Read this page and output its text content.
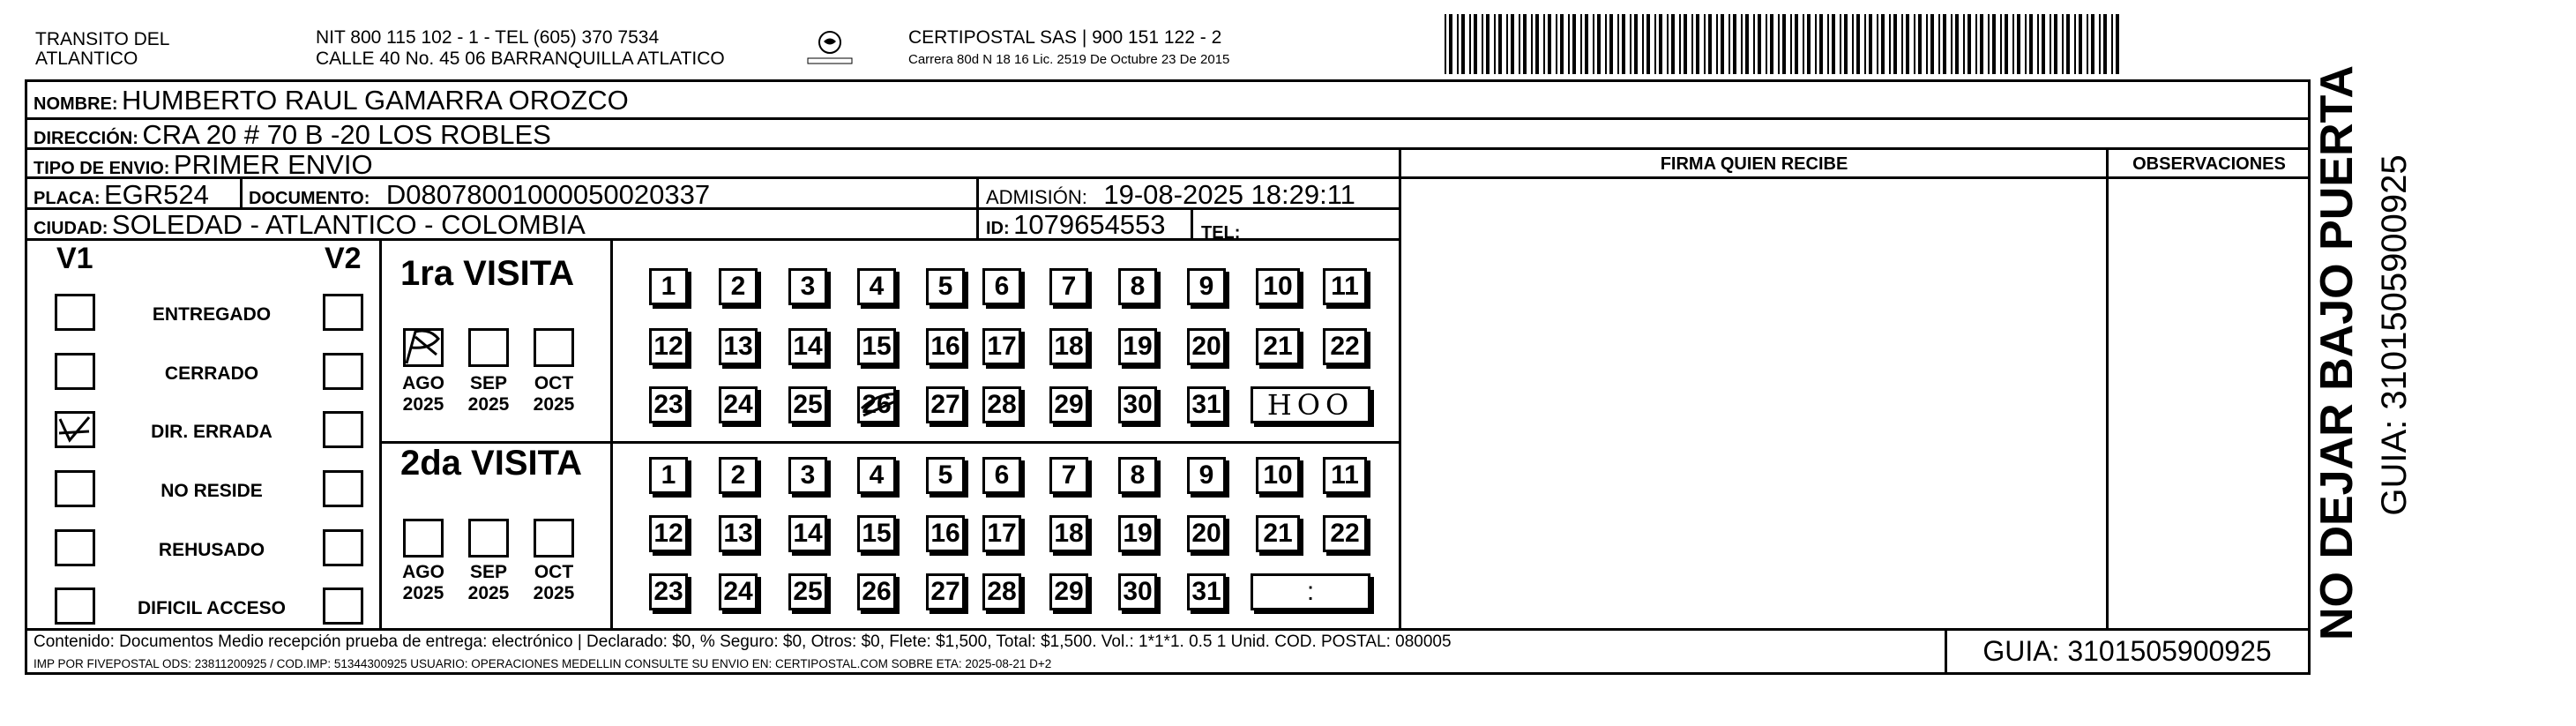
TRANSITO DEL
ATLANTICO
NIT 800 115 102 - 1 - TEL (605) 370 7534
CALLE 40 No. 45 06 BARRANQUILLA ATLATICO
CERTIPOSTAL SAS | 900 151 122 - 2
Carrera 80d N 18 16 Lic. 2519 De Octubre 23 De 2015
NOMBRE: HUMBERTO RAUL GAMARRA OROZCO
DIRECCIÓN: CRA 20 # 70 B -20 LOS ROBLES
TIPO DE ENVIO: PRIMER ENVIO	FIRMA QUIEN RECIBE	OBSERVACIONES
PLACA: EGR524 DOCUMENTO: D08078001000050020337	ADMISIÓN: 19-08-2025 18:29:11
CIUDAD: SOLEDAD - ATLANTICO - COLOMBIA	ID: 1079654553 TEL:
V1	V2
ENTREGADO
CERRADO
DIR. ERRADA
NO RESIDE
REHUSADO
DIFICIL ACCESO
1ra VISITA
AGO
2025
SEP
2025
OCT
2025
1	2	3	4	5	6	7	8	9	10	11
12 13 14 15 16 17 18 19 20 21 22
23 24 25 26 27 28 29 30 31	HOO
2da VISITA
AGO
2025
SEP
2025
OCT
2025
1	2	3	4	5	6	7	8	9	10	11
12 13 14 15 16 17 18 19 20 21 22
23 24 25 26 27 28 29 30 31	:
Contenido: Documentos Medio recepción prueba de entrega: electrónico | Declarado: $0, % Seguro: $0, Otros: $0, Flete: $1,500, Total: $1,500. Vol.: 1*1*1. 0.5 1 Unid. COD. POSTAL: 080005
IMP POR FIVEPOSTAL ODS: 23811200925 / COD.IMP: 51344300925 USUARIO: OPERACIONES MEDELLIN CONSULTE SU ENVIO EN: CERTIPOSTAL.COM SOBRE ETA: 2025-08-21 D+2	GUIA: 3101505900925
NO DEJAR BAJO PUERTA GUIA: 3101505900925
